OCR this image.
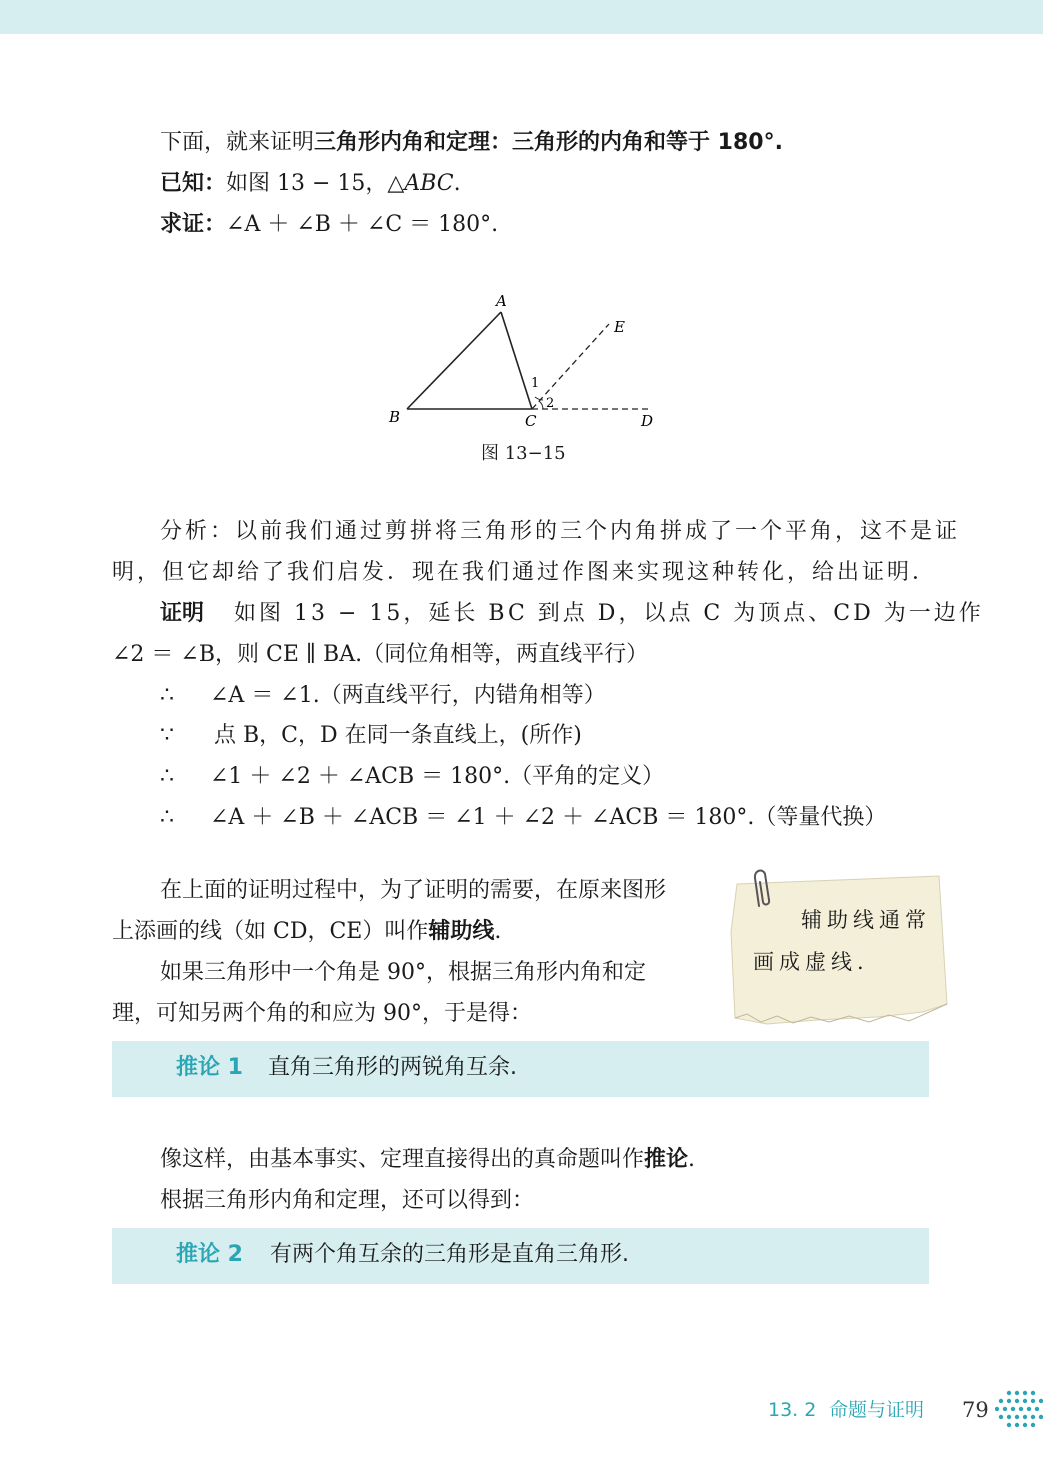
下面，就来证明三角形内角和定理：三角形的内角和等于 180°.
已知：如图 13 − 15，△ABC.
求证：∠A ＋ ∠B ＋ ∠C ＝ 180°.
A
B	C	D
E
1
2
图 13−15
分析：以前我们通过剪拼将三角形的三个内角拼成了一个平角，这不是证
明，但它却给了我们启发．现在我们通过作图来实现这种转化，给出证明．
证明 如图 13 − 15，延长 BC 到点 D，以点 C 为顶点、CD 为一边作
∠2 ＝ ∠B，则 CE ∥ BA.（同位角相等，两直线平行）
∴ ∠A ＝ ∠1.（两直线平行，内错角相等）
∵ 点 B，C，D 在同一条直线上，(所作)
∴ ∠1 ＋ ∠2 ＋ ∠ACB ＝ 180°.（平角的定义）
∴ ∠A ＋ ∠B ＋ ∠ACB ＝ ∠1 ＋ ∠2 ＋ ∠ACB ＝ 180°.（等量代换）
在上面的证明过程中，为了证明的需要，在原来图形
上添画的线（如 CD，CE）叫作辅助线.
如果三角形中一个角是 90°，根据三角形内角和定
理，可知另两个角的和应为 90°，于是得：
辅助线通常
画成虚线.
推论 1 直角三角形的两锐角互余.
像这样，由基本事实、定理直接得出的真命题叫作推论.
根据三角形内角和定理，还可以得到：
推论 2 有两个角互余的三角形是直角三角形.
13. 2 命题与证明 79
